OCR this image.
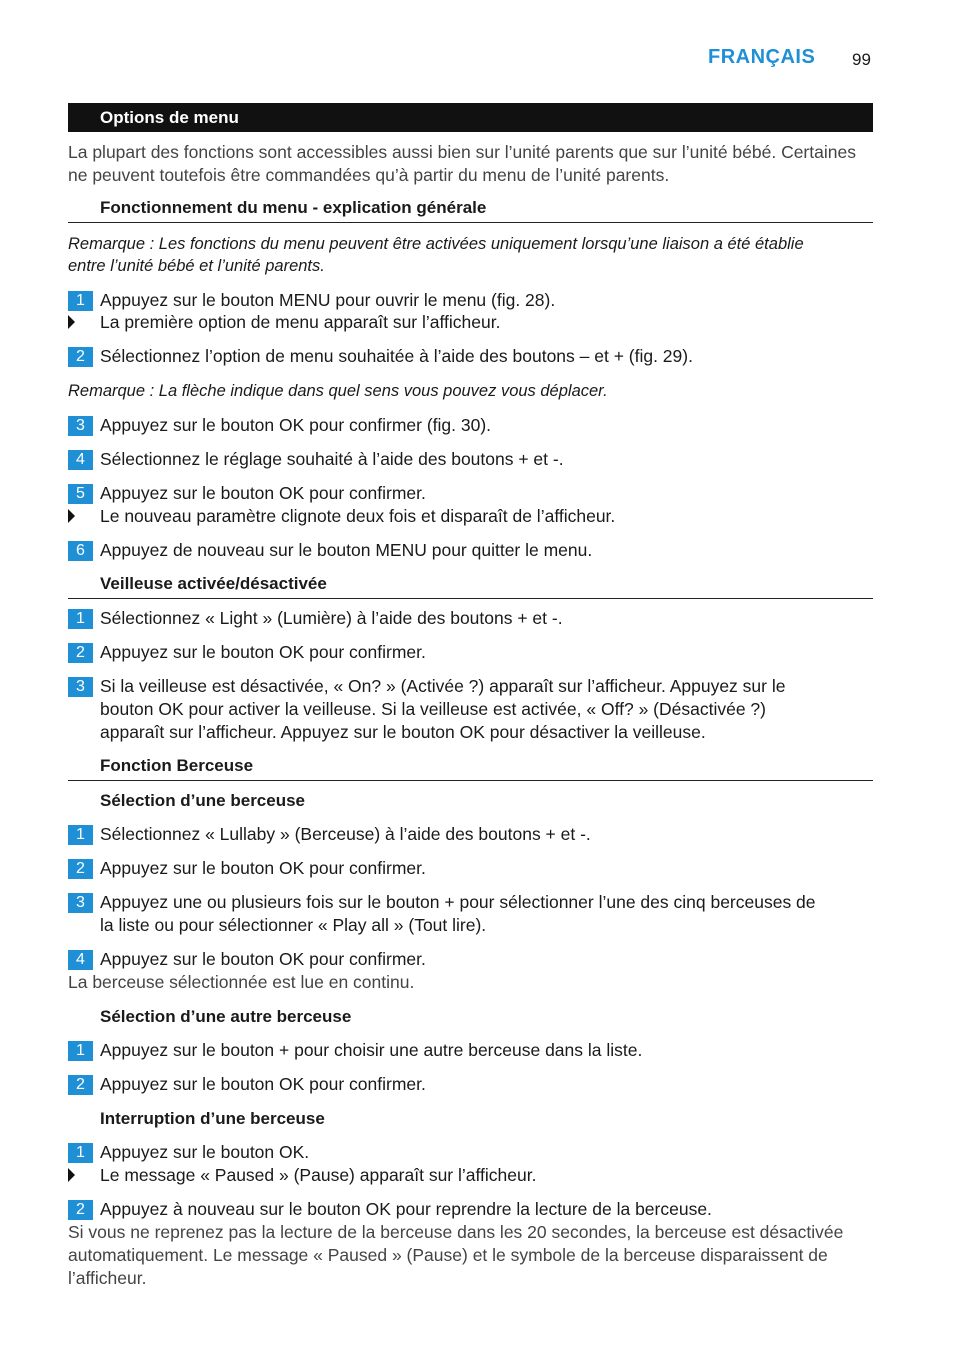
FRANÇAIS 99
Options de menu
La plupart des fonctions sont accessibles aussi bien sur l’unité parents que sur l’unité bébé. Certaines
ne peuvent toutefois être commandées qu’à partir du menu de l’unité parents.
Fonctionnement du menu - explication générale
Remarque : Les fonctions du menu peuvent être activées uniquement lorsqu’une liaison a été établie
entre l’unité bébé et l’unité parents.
1 Appuyez sur le bouton MENU pour ouvrir le menu (fig. 28).
La première option de menu apparaît sur l’afficheur.
2 Sélectionnez l’option de menu souhaitée à l’aide des boutons – et + (fig. 29).
Remarque : La flèche indique dans quel sens vous pouvez vous déplacer.
3 Appuyez sur le bouton OK pour confirmer (fig. 30).
4 Sélectionnez le réglage souhaité à l’aide des boutons + et -.
5 Appuyez sur le bouton OK pour confirmer.
Le nouveau paramètre clignote deux fois et disparaît de l’afficheur.
6 Appuyez de nouveau sur le bouton MENU pour quitter le menu.
Veilleuse activée/désactivée
1 Sélectionnez « Light » (Lumière) à l’aide des boutons + et -.
2 Appuyez sur le bouton OK pour confirmer.
3 Si la veilleuse est désactivée, « On? » (Activée ?) apparaît sur l’afficheur. Appuyez sur le
bouton OK pour activer la veilleuse. Si la veilleuse est activée, « Off? » (Désactivée ?)
apparaît sur l’afficheur. Appuyez sur le bouton OK pour désactiver la veilleuse.
Fonction Berceuse
Sélection d’une berceuse
1 Sélectionnez « Lullaby » (Berceuse) à l’aide des boutons + et -.
2 Appuyez sur le bouton OK pour confirmer.
3 Appuyez une ou plusieurs fois sur le bouton + pour sélectionner l’une des cinq berceuses de
la liste ou pour sélectionner « Play all » (Tout lire).
4 Appuyez sur le bouton OK pour confirmer.
La berceuse sélectionnée est lue en continu.
Sélection d’une autre berceuse
1 Appuyez sur le bouton + pour choisir une autre berceuse dans la liste.
2 Appuyez sur le bouton OK pour confirmer.
Interruption d’une berceuse
1 Appuyez sur le bouton OK.
Le message « Paused » (Pause) apparaît sur l’afficheur.
2 Appuyez à nouveau sur le bouton OK pour reprendre la lecture de la berceuse.
Si vous ne reprenez pas la lecture de la berceuse dans les 20 secondes, la berceuse est désactivée
automatiquement. Le message « Paused » (Pause) et le symbole de la berceuse disparaissent de
l’afficheur.
